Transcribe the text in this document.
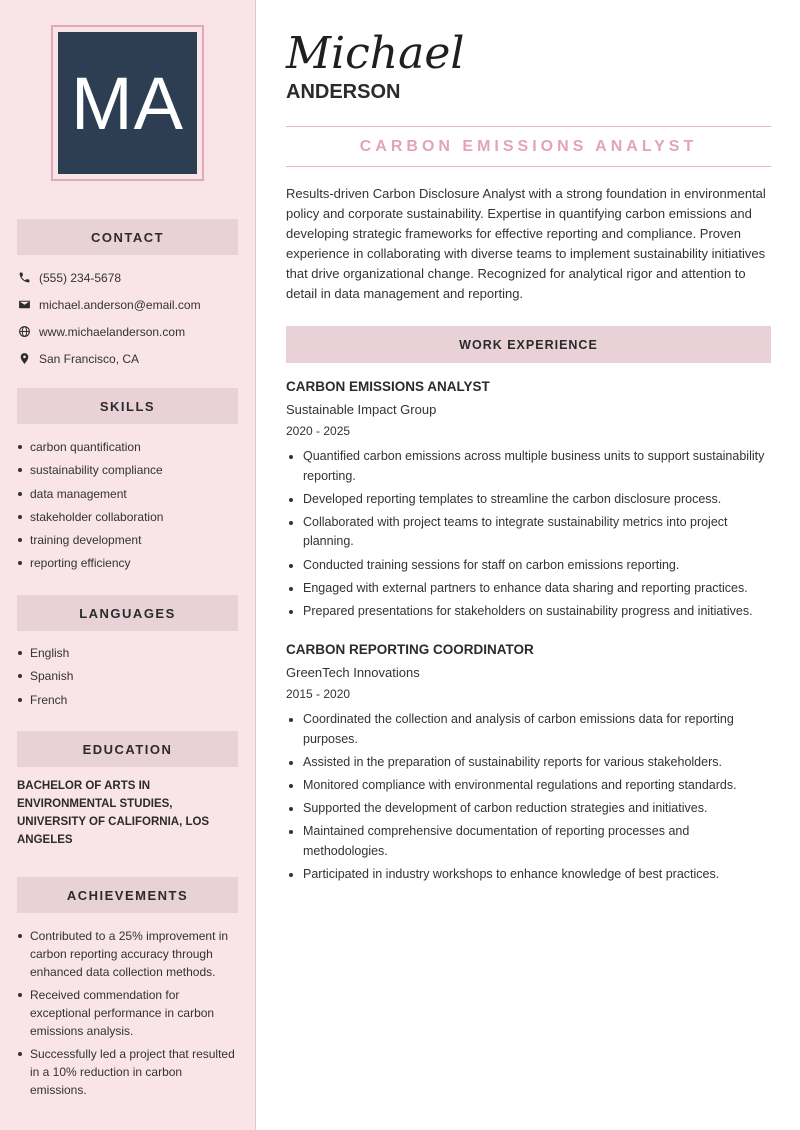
MA
CONTACT
(555) 234-5678
michael.anderson@email.com
www.michaelanderson.com
San Francisco, CA
SKILLS
carbon quantification
sustainability compliance
data management
stakeholder collaboration
training development
reporting efficiency
LANGUAGES
English
Spanish
French
EDUCATION
BACHELOR OF ARTS IN ENVIRONMENTAL STUDIES, UNIVERSITY OF CALIFORNIA, LOS ANGELES
ACHIEVEMENTS
Contributed to a 25% improvement in carbon reporting accuracy through enhanced data collection methods.
Received commendation for exceptional performance in carbon emissions analysis.
Successfully led a project that resulted in a 10% reduction in carbon emissions.
Michael
ANDERSON
CARBON EMISSIONS ANALYST

Results-driven Carbon Disclosure Analyst with a strong foundation in environmental policy and corporate sustainability. Expertise in quantifying carbon emissions and developing strategic frameworks for effective reporting and compliance. Proven experience in collaborating with diverse teams to implement sustainability initiatives that drive organizational change. Recognized for analytical rigor and attention to detail in data management and reporting.

WORK EXPERIENCE
CARBON EMISSIONS ANALYST
Sustainable Impact Group
2020 - 2025
Quantified carbon emissions across multiple business units to support sustainability reporting.
Developed reporting templates to streamline the carbon disclosure process.
Collaborated with project teams to integrate sustainability metrics into project planning.
Conducted training sessions for staff on carbon emissions reporting.
Engaged with external partners to enhance data sharing and reporting practices.
Prepared presentations for stakeholders on sustainability progress and initiatives.
CARBON REPORTING COORDINATOR
GreenTech Innovations
2015 - 2020
Coordinated the collection and analysis of carbon emissions data for reporting purposes.
Assisted in the preparation of sustainability reports for various stakeholders.
Monitored compliance with environmental regulations and reporting standards.
Supported the development of carbon reduction strategies and initiatives.
Maintained comprehensive documentation of reporting processes and methodologies.
Participated in industry workshops to enhance knowledge of best practices.
